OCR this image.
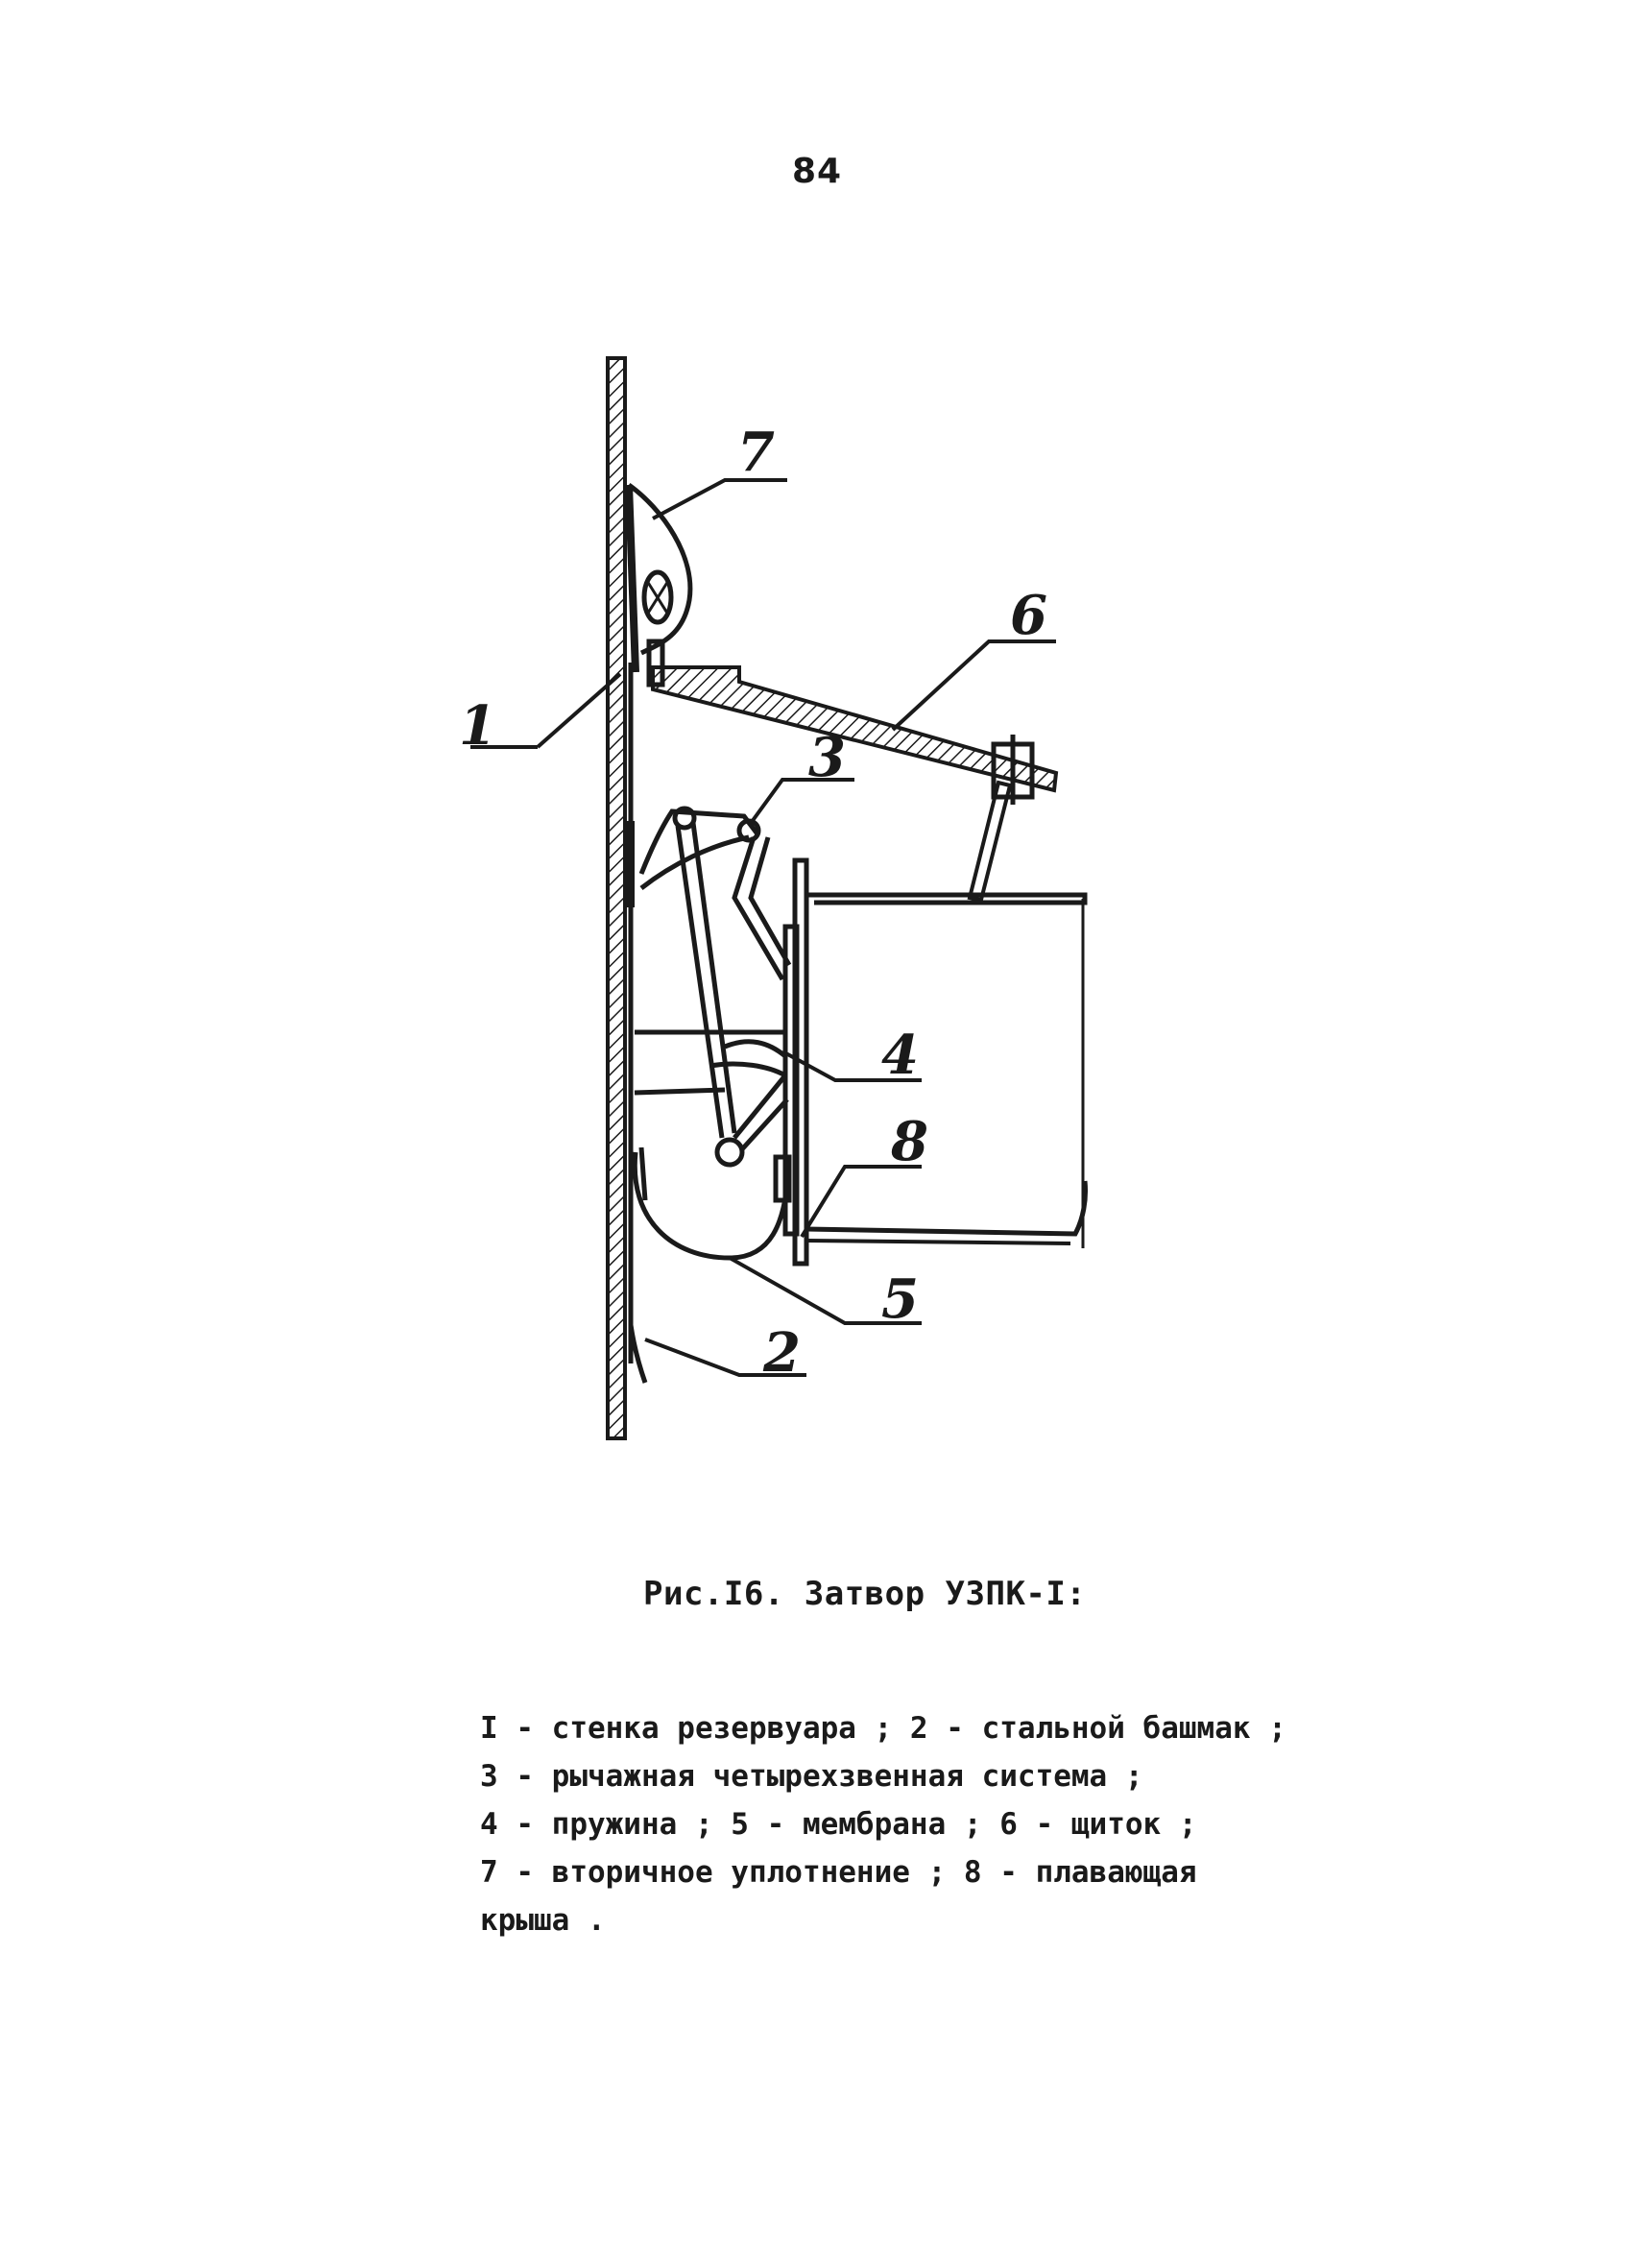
84
7
1
6
3
4
8
5
2
Рис.I6. Затвор УЗПК-I:
I - стенка резервуара ; 2 - стальной башмак ;
3 - рычажная четырехзвенная система ;
4 - пружина ; 5 - мембрана ; 6 - щиток ;
7 - вторичное уплотнение ; 8 - плавающая
крыша .
